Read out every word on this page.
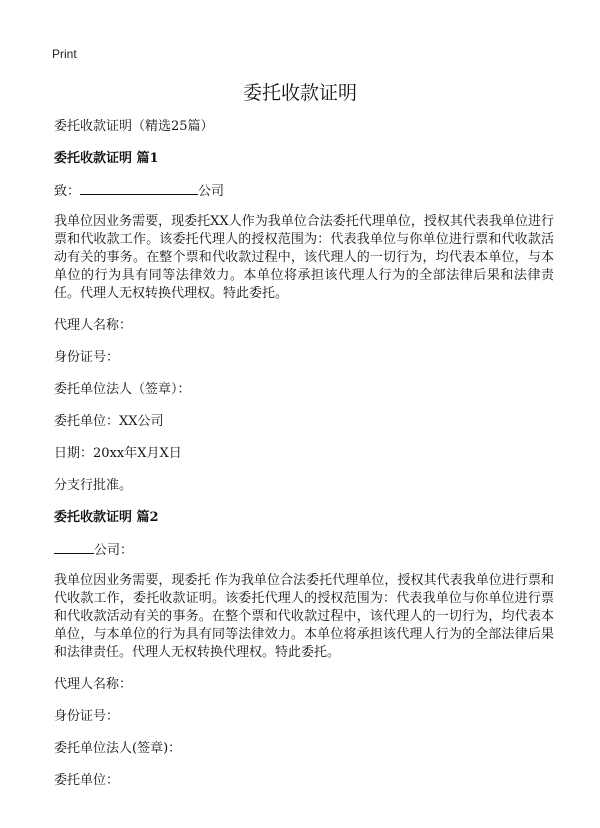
Print
委托收款证明
委托收款证明（精选25篇）
委托收款证明 篇1
致：	公司
我单位因业务需要，现委托XX人作为我单位合法委托代理单位，授权其代表我单位进行票和代收款工作。该委托代理人的授权范围为：代表我单位与你单位进行票和代收款活动有关的事务。在整个票和代收款过程中，该代理人的一切行为，均代表本单位，与本单位的行为具有同等法律效力。本单位将承担该代理人行为的全部法律后果和法律责任。代理人无权转换代理权。特此委托。
代理人名称：
身份证号：
委托单位法人（签章）：
委托单位：XX公司
日期：20xx年X月X日
分支行批准。
委托收款证明 篇2
公司：
我单位因业务需要，现委托 作为我单位合法委托代理单位，授权其代表我单位进行票和代收款工作，委托收款证明。该委托代理人的授权范围为：代表我单位与你单位进行票和代收款活动有关的事务。在整个票和代收款过程中，该代理人的一切行为，均代表本单位，与本单位的行为具有同等法律效力。本单位将承担该代理人行为的全部法律后果和法律责任。代理人无权转换代理权。特此委托。
代理人名称：
身份证号：
委托单位法人(签章)：
委托单位：
